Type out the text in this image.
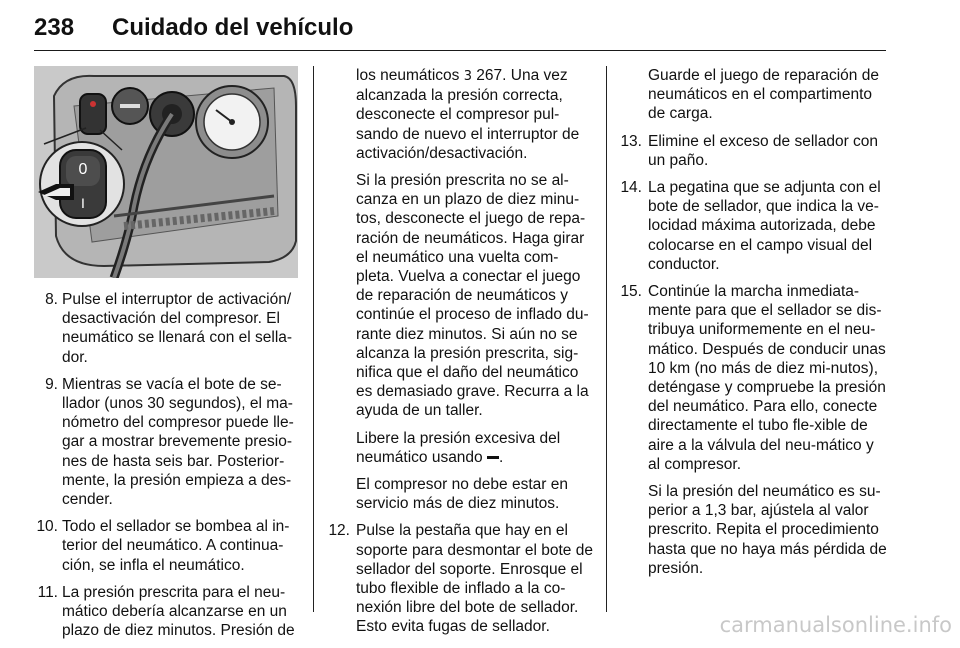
238 Cuidado del vehículo
0
I
8. Pulse el interruptor de activación/ desactivación del compresor. El neumático se llenará con el sella-dor.
9. Mientras se vacía el bote de se-llador (unos 30 segundos), el ma-nómetro del compresor puede lle-gar a mostrar brevemente presio-nes de hasta seis bar. Posterior-mente, la presión empieza a des-cender.
10. Todo el sellador se bombea al in-terior del neumático. A continua-ción, se infla el neumático.
11. La presión prescrita para el neu-mático debería alcanzarse en un plazo de diez minutos. Presión de

los neumáticos 3 267. Una vez alcanzada la presión correcta, desconecte el compresor pul-sando de nuevo el interruptor de activación/desactivación.

Si la presión prescrita no se al-canza en un plazo de diez minu-tos, desconecte el juego de repa-ración de neumáticos. Haga girar el neumático una vuelta com-pleta. Vuelva a conectar el juego de reparación de neumáticos y continúe el proceso de inflado du-rante diez minutos. Si aún no se alcanza la presión prescrita, sig-nifica que el daño del neumático es demasiado grave. Recurra a la ayuda de un taller.

Libere la presión excesiva del neumático usando .

El compresor no debe estar en servicio más de diez minutos.

12. Pulse la pestaña que hay en el soporte para desmontar el bote de sellador del soporte. Enrosque el tubo flexible de inflado a la co-nexión libre del bote de sellador. Esto evita fugas de sellador.

Guarde el juego de reparación de neumáticos en el compartimento de carga.

13. Elimine el exceso de sellador con un paño.
14. La pegatina que se adjunta con el bote de sellador, que indica la ve-locidad máxima autorizada, debe colocarse en el campo visual del conductor.
15. Continúe la marcha inmediata-mente para que el sellador se dis-tribuya uniformemente en el neu-mático. Después de conducir unas 10 km (no más de diez mi-nutos), deténgase y compruebe la presión del neumático. Para ello, conecte directamente el tubo fle-xible de aire a la válvula del neu-mático y al compresor.

Si la presión del neumático es su-perior a 1,3 bar, ajústela al valor prescrito. Repita el procedimiento hasta que no haya más pérdida de presión.

carmanualsonline.info
